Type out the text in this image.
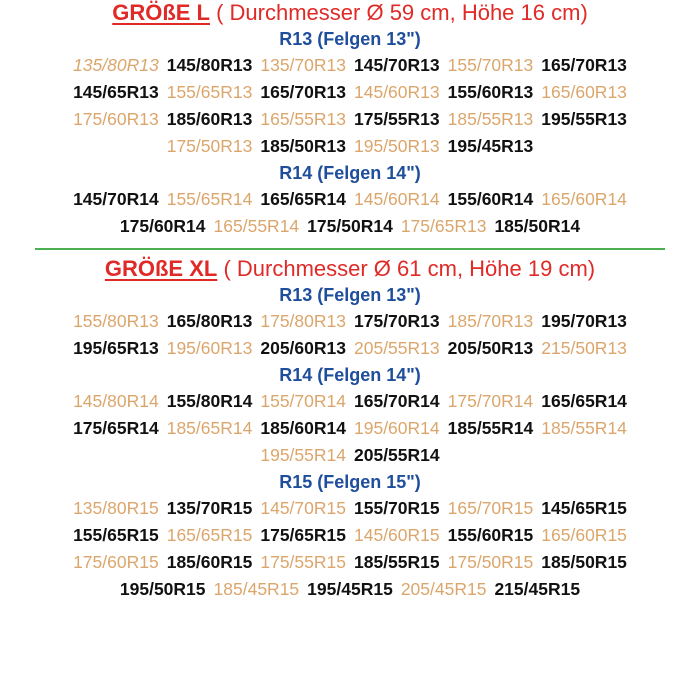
GRÖßE L ( Durchmesser Ø 59 cm, Höhe 16 cm)
R13 (Felgen 13")
135/80R13 145/80R13 135/70R13 145/70R13 155/70R13 165/70R13
145/65R13 155/65R13 165/70R13 145/60R13 155/60R13 165/60R13
175/60R13 185/60R13 165/55R13 175/55R13 185/55R13 195/55R13
175/50R13 185/50R13 195/50R13 195/45R13
R14 (Felgen 14")
145/70R14 155/65R14 165/65R14 145/60R14 155/60R14 165/60R14
175/60R14 165/55R14 175/50R14 175/65R13 185/50R14
GRÖßE XL ( Durchmesser Ø 61 cm, Höhe 19 cm)
R13 (Felgen 13")
155/80R13 165/80R13 175/80R13 175/70R13 185/70R13 195/70R13
195/65R13 195/60R13 205/60R13 205/55R13 205/50R13 215/50R13
R14 (Felgen 14")
145/80R14 155/80R14 155/70R14 165/70R14 175/70R14 165/65R14
175/65R14 185/65R14 185/60R14 195/60R14 185/55R14 185/55R14
195/55R14 205/55R14
R15 (Felgen 15")
135/80R15 135/70R15 145/70R15 155/70R15 165/70R15 145/65R15
155/65R15 165/65R15 175/65R15 145/60R15 155/60R15 165/60R15
175/60R15 185/60R15 175/55R15 185/55R15 175/50R15 185/50R15
195/50R15 185/45R15 195/45R15 205/45R15 215/45R15
